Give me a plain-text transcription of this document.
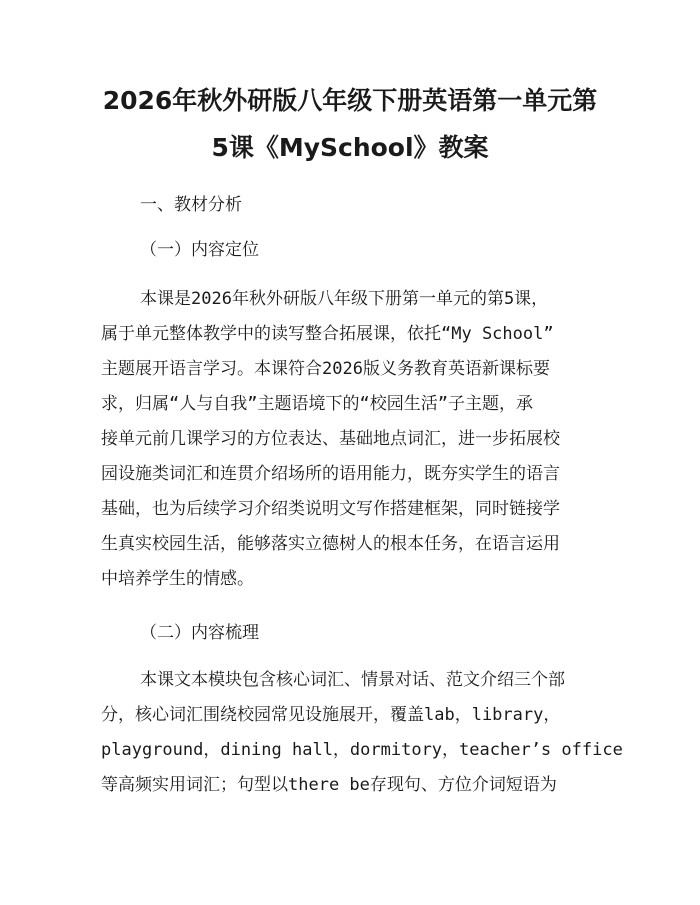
2026年秋外研版八年级下册英语第一单元第
5课《MySchool》教案
一、教材分析
（一）内容定位
本课是2026年秋外研版八年级下册第一单元的第5课，
属于单元整体教学中的读写整合拓展课，依托“My School”
主题展开语言学习。本课符合2026版义务教育英语新课标要
求，归属“人与自我”主题语境下的“校园生活”子主题，承
接单元前几课学习的方位表达、基础地点词汇，进一步拓展校
园设施类词汇和连贯介绍场所的语用能力，既夯实学生的语言
基础，也为后续学习介绍类说明文写作搭建框架，同时链接学
生真实校园生活，能够落实立德树人的根本任务，在语言运用
中培养学生的情感。
（二）内容梳理
本课文本模块包含核心词汇、情景对话、范文介绍三个部
分，核心词汇围绕校园常见设施展开，覆盖lab，library，
playground，dining hall，dormitory，teacher’s office
等高频实用词汇；句型以there be存现句、方位介词短语为
